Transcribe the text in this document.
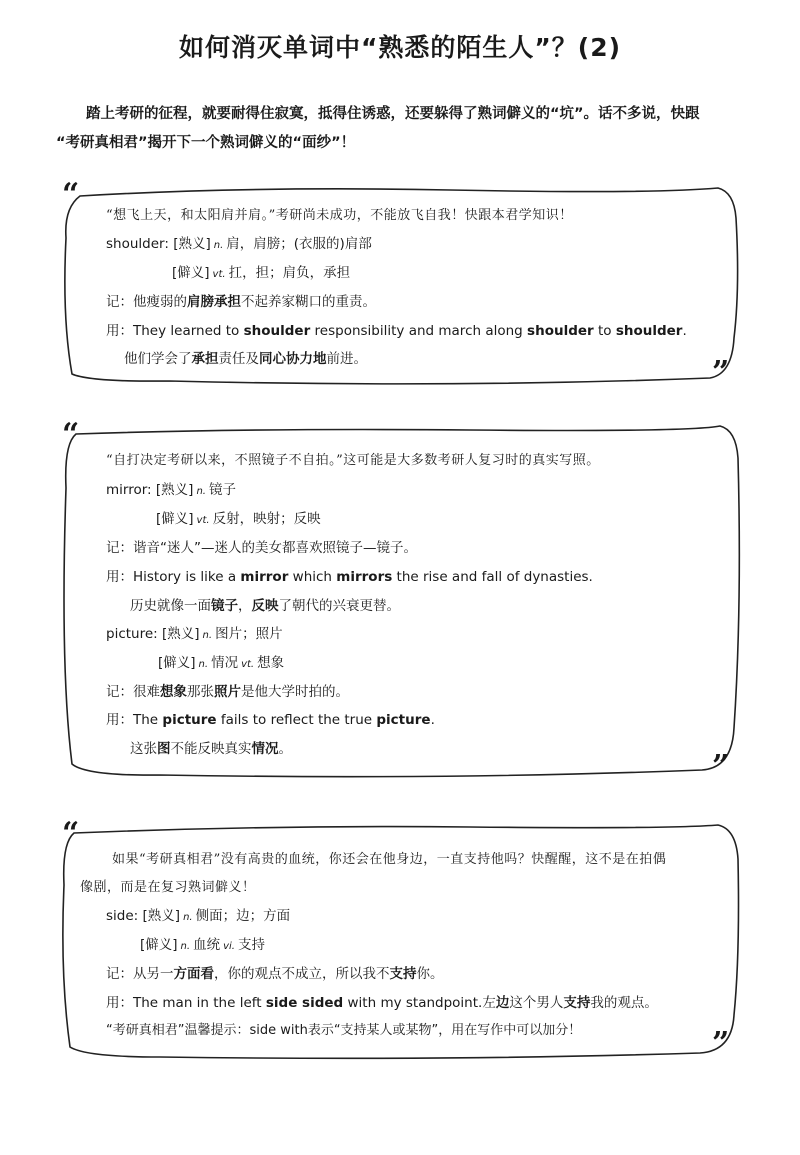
如何消灭单词中“熟悉的陌生人”？(2)

踏上考研的征程，就要耐得住寂寞，抵得住诱惑，还要躲得了熟词僻义的“坑”。话不多说，快跟

“考研真相君”揭开下一个熟词僻义的“面纱”！

“
”
“想飞上天，和太阳肩并肩。”考研尚未成功，不能放飞自我！快跟本君学知识！
shoulder: [熟义] n. 肩，肩膀；(衣服的)肩部
[僻义] vt. 扛，担；肩负，承担
记：他瘦弱的肩膀承担不起养家糊口的重责。
用：They learned to shoulder responsibility and march along shoulder to shoulder.
他们学会了承担责任及同心协力地前进。
“
”
“自打决定考研以来，不照镜子不自拍。”这可能是大多数考研人复习时的真实写照。
mirror: [熟义] n. 镜子
[僻义] vt. 反射，映射；反映
记：谐音“迷人”—迷人的美女都喜欢照镜子—镜子。
用：History is like a mirror which mirrors the rise and fall of dynasties.
历史就像一面镜子，反映了朝代的兴衰更替。
picture: [熟义] n. 图片；照片
[僻义] n. 情况 vt. 想象
记：很难想象那张照片是他大学时拍的。
用：The picture fails to reflect the true picture.
这张图不能反映真实情况。
“
”
如果“考研真相君”没有高贵的血统，你还会在他身边，一直支持他吗？快醒醒，这不是在拍偶
像剧，而是在复习熟词僻义！
side: [熟义] n. 侧面；边；方面
[僻义] n. 血统 vi. 支持
记：从另一方面看，你的观点不成立，所以我不支持你。
用：The man in the left side sided with my standpoint.左边这个男人支持我的观点。
“考研真相君”温馨提示：side with表示“支持某人或某物”，用在写作中可以加分！
